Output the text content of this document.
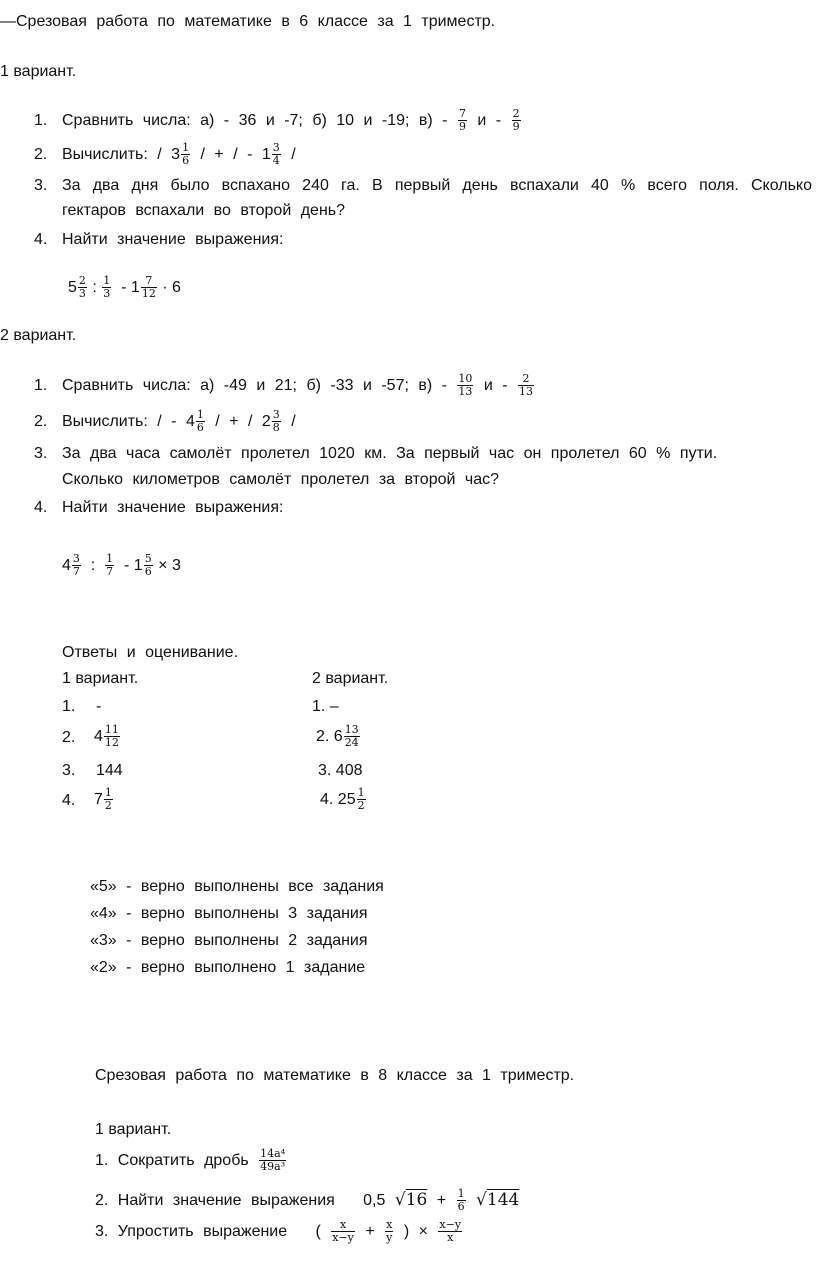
—Срезовая работа по математике в 6 классе за 1 триместр.
1 вариант.
1. Сравнить числа: а) - 36 и -7; б) 10 и -19; $в) - \frac{7}{9}$ и - $\frac{2}{9}$
2. Вычислить: / $3 \frac{1}{6}$ / + / - $1 \frac{3}{4}$ /
3. За два дня было вспахано 240 га. В первый день вспахали 40 % всего поля. Сколько
гектаров вспахали во второй день?
4. Найти значение выражения:
$5 \frac{2}{3}$ : $\frac{1}{3} - 1 \frac{7}{12} \cdot 6$
2 вариант.
1. Сравнить числа: а) -49 и 21; б) -33 и -57; $в) - \frac{10}{13}$ и - $\frac{2}{13}$
2. Вычислить: / - $4 \frac{1}{6}$ / + / $2 \frac{3}{8}$ /
3. За два часа самолёт пролетел 1020 км. За первый час он пролетел 60 % пути.
Сколько километров самолёт пролетел за второй час?
4. Найти значение выражения:
$4 \frac{3}{7}$ : $\frac{1}{7} - 1 \frac{5}{6} \times 3$
Ответы и оценивание.
1 вариант.	2 вариант.
1. -	1. –
2. $4 \frac{11}{12}$	2. $6 \frac{13}{24}$
3. 144	3. 408
4. $7 \frac{1}{2}$	4. $25 \frac{1}{2}$
«5» - верно выполнены все задания
«4» - верно выполнены 3 задания
«3» - верно выполнены 2 задания
«2» - верно выполнено 1 задание
Срезовая работа по математике в 8 классе за 1 триместр.
1 вариант.
1. Сократить дробь $\frac{\text{14a⁴}}{\text{49a³}}$
2. Найти значение выражения 0,5 $√16 + \frac{1}{6} √144$
3. Упростить выражение ( $\frac{x}{x-y} + \frac{x}{y}$ ) × $\frac{x-y}{x}$
